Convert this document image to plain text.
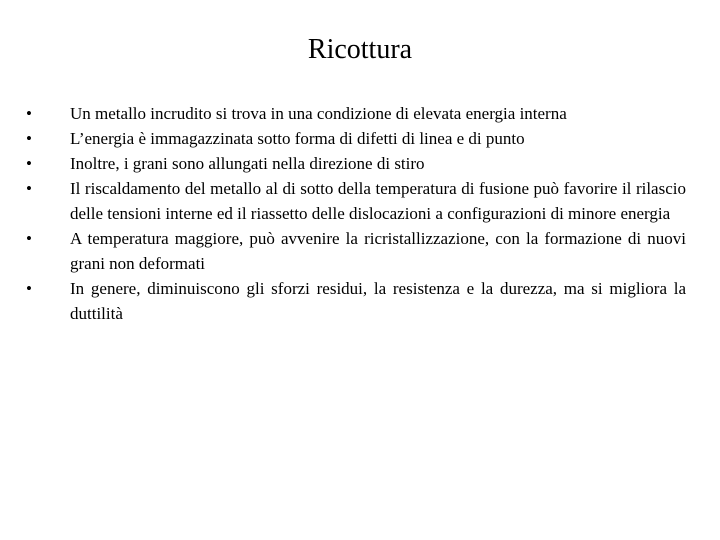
Ricottura
•	Un metallo incrudito si trova in una condizione di elevata energia interna
•	L’energia è immagazzinata sotto forma di difetti di linea e di punto
•	Inoltre, i grani sono allungati nella direzione di stiro
•	Il riscaldamento del metallo al di sotto della temperatura di fusione può favorire il rilascio delle tensioni interne ed il riassetto delle dislocazioni a configurazioni di minore energia
•	A temperatura maggiore, può avvenire la ricristallizzazione, con la formazione di nuovi grani non deformati
•	In genere, diminuiscono gli sforzi residui, la resistenza e la durezza, ma si migliora la duttilità
